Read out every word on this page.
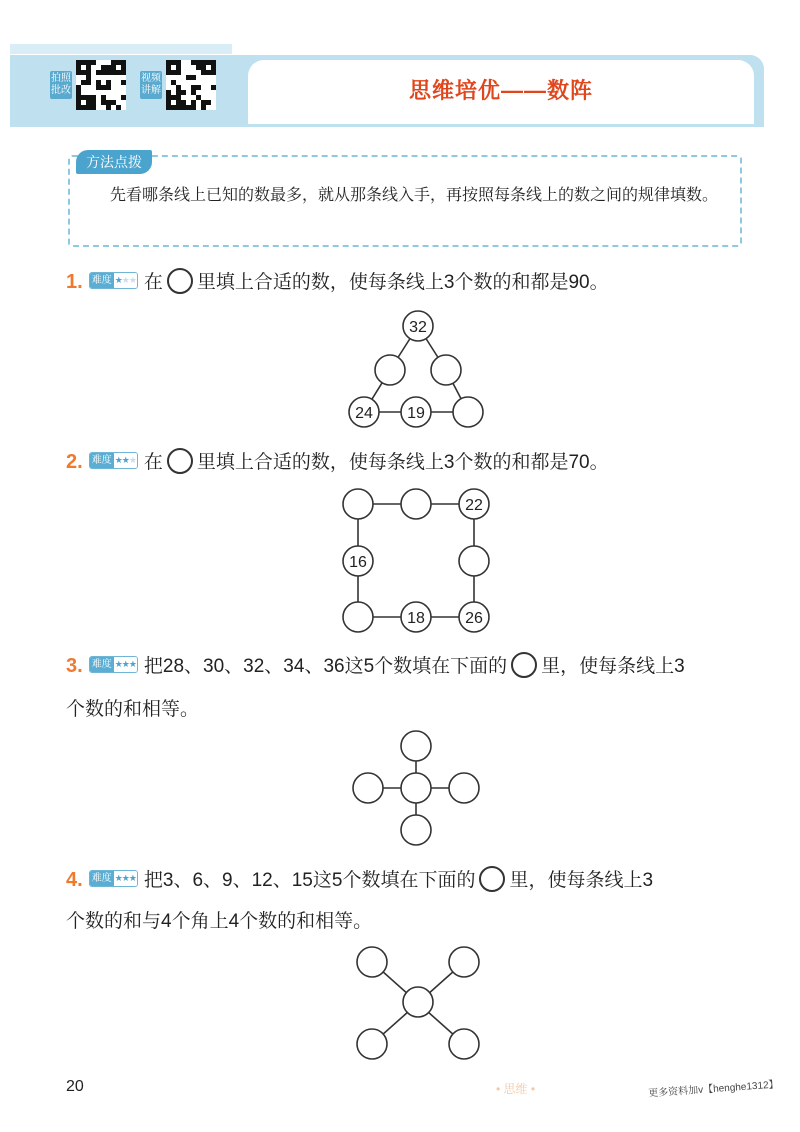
拍 照
批 改
视 频
讲 解	思维培优——数阵
方法点拨
先看哪条线上已知的数最多，就从那条线入手，再按照每条线上的数之间的规律填数。
1. 难度 ★★★ 在 里填上合适的数，使每条线上3个数的和都是90。
2. 难度 ★★★ 在 里填上合适的数，使每条线上3个数的和都是70。
3. 难度 ★★★ 把28、30、32、34、36这5个数填在下面的 里，使每条线上3
个数的和相等。
4. 难度 ★★★ 把3、6、9、12、15这5个数填在下面的 里，使每条线上3
个数的和与4个角上4个数的和相等。
32
24 19
22
16
18	26
20	• 思维 •	更多资料加v【henghe1312】
